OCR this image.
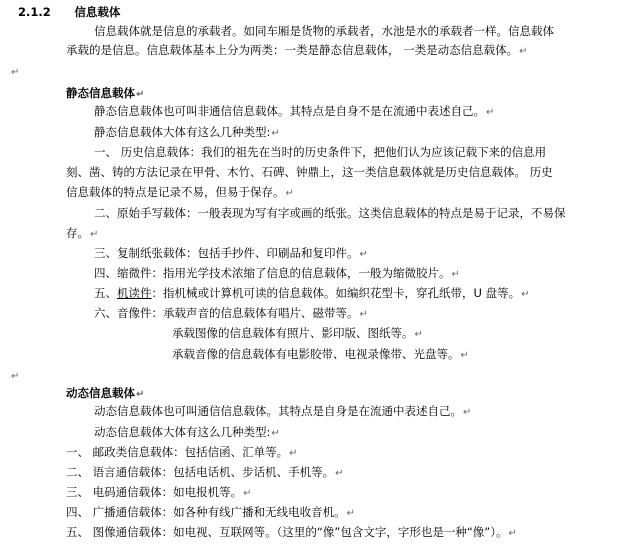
2.1.2 信息载体
信息载体就是信息的承载者。如同车厢是货物的承载者，水池是水的承载者一样。信息载体
承载的是信息。信息载体基本上分为两类：一类是静态信息载体， 一类是动态信息载体。↵
↵
静态信息载体↵
静态信息载体也可叫非通信信息载体。其特点是自身不是在流通中表述自己。↵
静态信息载体大体有这么几种类型:↵
一、 历史信息载体：我们的祖先在当时的历史条件下，把他们认为应该记载下来的信息用
刻、凿、铸的方法记录在甲骨、木竹、石碑、钟鼎上，这一类信息载体就是历史信息载体。 历史
信息载体的特点是记录不易，但易于保存。↵
二、原始手写载体：一般表现为写有字或画的纸张。这类信息载体的特点是易于记录，不易保
存。↵
三、复制纸张载体：包括手抄件、印刷品和复印件。↵
四、缩微件：指用光学技术浓缩了信息的信息载体，一般为缩微胶片。↵
五、机读件：指机械或计算机可读的信息载体。如编织花型卡，穿孔纸带，U 盘等。↵
六、音像件：承载声音的信息载体有唱片、磁带等。↵
承载图像的信息载体有照片、影印版、图纸等。↵
承载音像的信息载体有电影胶带、电视录像带、光盘等。↵
↵
动态信息载体↵
动态信息载体也可叫通信信息载体。其特点是自身是在流通中表述自己。↵
动态信息载体大体有这么几种类型:↵
一、 邮政类信息载体：包括信函、汇单等。↵
二、 语言通信载体：包括电话机、步话机、手机等。↵
三、 电码通信载体：如电报机等。↵
四、 广播通信载体：如各种有线广播和无线电收音机。↵
五、 图像通信载体：如电视、互联网等。（这里的“像”包含文字，字形也是一种“像”）。↵
